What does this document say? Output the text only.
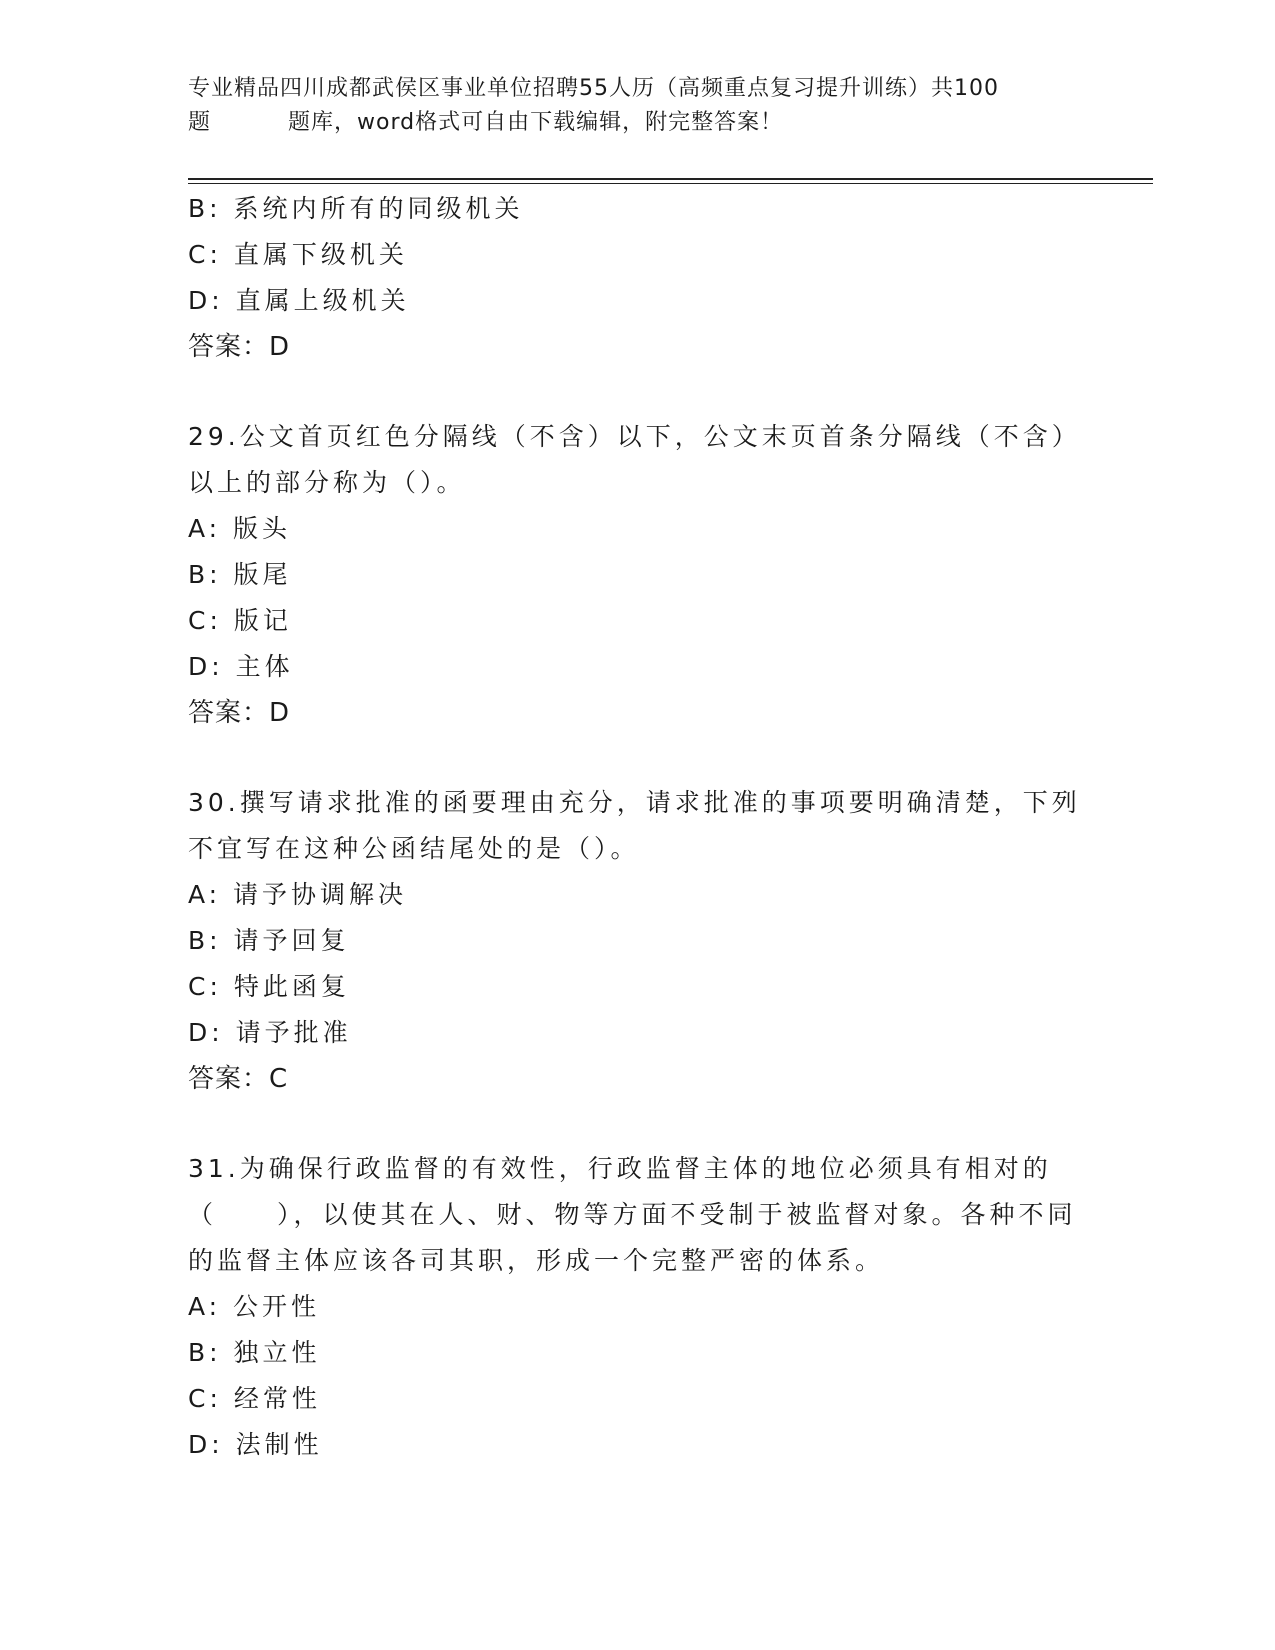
专业精品四川成都武侯区事业单位招聘55人历（高频重点复习提升训练）共100
题	题库，word格式可自由下载编辑，附完整答案！

B: 系统内所有的同级机关

C: 直属下级机关

D: 直属上级机关

答案：D

29.公文首页红色分隔线（不含）以下，公文末页首条分隔线（不含）

以上的部分称为（）。

A: 版头

B: 版尾

C: 版记

D: 主体

答案：D

30.撰写请求批准的函要理由充分，请求批准的事项要明确清楚，下列

不宜写在这种公函结尾处的是（）。

A: 请予协调解决

B: 请予回复

C: 特此函复

D: 请予批准

答案：C

31.为确保行政监督的有效性，行政监督主体的地位必须具有相对的

（ ），以使其在人、财、物等方面不受制于被监督对象。各种不同

的监督主体应该各司其职，形成一个完整严密的体系。

A: 公开性

B: 独立性

C: 经常性

D: 法制性
